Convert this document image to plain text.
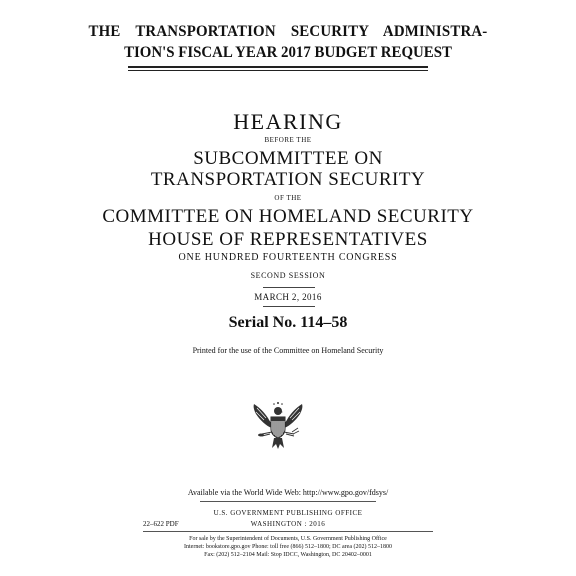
THE TRANSPORTATION SECURITY ADMINISTRA-
TION'S FISCAL YEAR 2017 BUDGET REQUEST
HEARING
BEFORE THE
SUBCOMMITTEE ON
TRANSPORTATION SECURITY
OF THE
COMMITTEE ON HOMELAND SECURITY
HOUSE OF REPRESENTATIVES
ONE HUNDRED FOURTEENTH CONGRESS
SECOND SESSION
MARCH 2, 2016
Serial No. 114–58
Printed for the use of the Committee on Homeland Security
Available via the World Wide Web: http://www.gpo.gov/fdsys/
U.S. GOVERNMENT PUBLISHING OFFICE
22–622 PDF	WASHINGTON : 2016
For sale by the Superintendent of Documents, U.S. Government Publishing Office
Internet: bookstore.gpo.gov Phone: toll free (866) 512–1800; DC area (202) 512–1800
Fax: (202) 512–2104 Mail: Stop IDCC, Washington, DC 20402–0001
